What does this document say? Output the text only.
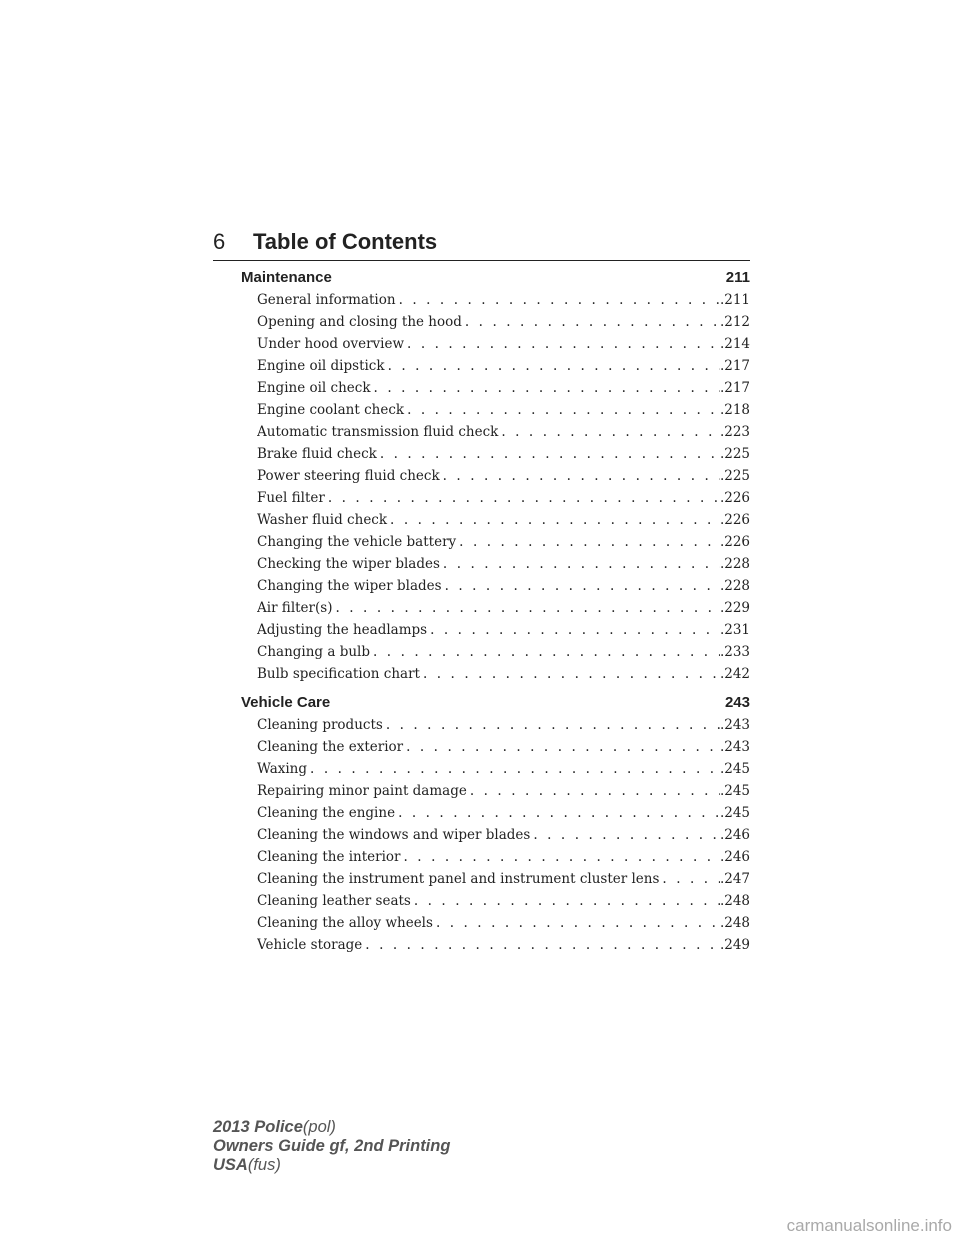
6 Table of Contents
Maintenance	211
General information . . .	.211
Opening and closing the hood . . .	.212
Under hood overview . . .	.214
Engine oil dipstick . . .	.217
Engine oil check . . .	.217
Engine coolant check . . .	.218
Automatic transmission fluid check . . .	.223
Brake fluid check . . .	.225
Power steering fluid check . . .	.225
Fuel filter . . .	.226
Washer fluid check . . .	.226
Changing the vehicle battery . . .	.226
Checking the wiper blades . . .	.228
Changing the wiper blades . . .	.228
Air filter(s) . . .	.229
Adjusting the headlamps . . .	.231
Changing a bulb . . .	.233
Bulb specification chart . . .	.242
Vehicle Care	243
Cleaning products . . .	.243
Cleaning the exterior . . .	.243
Waxing . . .	.245
Repairing minor paint damage . . .	.245
Cleaning the engine . . .	.245
Cleaning the windows and wiper blades . . .	.246
Cleaning the interior . . .	.246
Cleaning the instrument panel and instrument cluster lens . . .	.247
Cleaning leather seats . . .	.248
Cleaning the alloy wheels . . .	.248
Vehicle storage . . .	.249
2013 Police(pol)
Owners Guide gf, 2nd Printing
USA(fus)
carmanualsonline.info
